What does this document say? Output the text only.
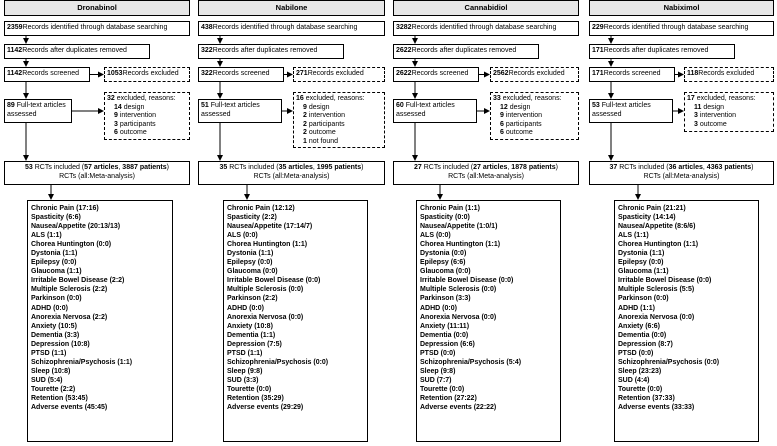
Dronabinol
2359 Records identified through database searching
1142 Records after duplicates removed
1142 Records screened	1053 Records excluded
89 Full-text articles
assessed
32 excluded, reasons:
14 design
9 intervention
3 participants
6 outcome
53 RCTs included (57 articles, 3887 patients)
RCTs (all:Meta-analysis)
Chronic Pain (17:16)
Spasticity (6:6)
Nausea/Appetite (20:13/13)
ALS (1:1)
Chorea Huntington (0:0)
Dystonia (1:1)
Epilepsy (0:0)
Glaucoma (1:1)
Irritable Bowel Disease (2:2)
Multiple Sclerosis (2:2)
Parkinson (0:0)
ADHD (0:0)
Anorexia Nervosa (2:2)
Anxiety (10:5)
Dementia (3:3)
Depression (10:8)
PTSD (1:1)
Schizophrenia/Psychosis (1:1)
Sleep (10:8)
SUD (5:4)
Tourette (2:2)
Retention (53:45)
Adverse events (45:45)
Nabilone
438 Records identified through database searching
322 Records after duplicates removed
322 Records screened	271 Records excluded
51 Full-text articles
assessed
16 excluded, reasons:
9 design
2 intervention
2 participants
2 outcome
1 not found
35 RCTs included (35 articles, 1995 patients)
RCTs (all:Meta-analysis)
Chronic Pain (12:12)
Spasticity (2:2)
Nausea/Appetite (17:14/7)
ALS (0:0)
Chorea Huntington (1:1)
Dystonia (1:1)
Epilepsy (0:0)
Glaucoma (0:0)
Irritable Bowel Disease (0:0)
Multiple Sclerosis (0:0)
Parkinson (2:2)
ADHD (0:0)
Anorexia Nervosa (0:0)
Anxiety (10:8)
Dementia (1:1)
Depression (7:5)
PTSD (1:1)
Schizophrenia/Psychosis (0:0)
Sleep (9:8)
SUD (3:3)
Tourette (0:0)
Retention (35:29)
Adverse events (29:29)
Cannabidiol
3282 Records identified through database searching
2622 Records after duplicates removed
2622 Records screened	2562 Records excluded
60 Full-text articles
assessed
33 excluded, reasons:
12 design
9 intervention
6 participants
6 outcome
27 RCTs included (27 articles, 1878 patients)
RCTs (all:Meta-analysis)
Chronic Pain (1:1)
Spasticity (0:0)
Nausea/Appetite (1:0/1)
ALS (0:0)
Chorea Huntington (1:1)
Dystonia (0:0)
Epilepsy (6:6)
Glaucoma (0:0)
Irritable Bowel Disease (0:0)
Multiple Sclerosis (0:0)
Parkinson (3:3)
ADHD (0:0)
Anorexia Nervosa (0:0)
Anxiety (11:11)
Dementia (0:0)
Depression (6:6)
PTSD (0:0)
Schizophrenia/Psychosis (5:4)
Sleep (9:8)
SUD (7:7)
Tourette (0:0)
Retention (27:22)
Adverse events (22:22)
Nabiximol
229 Records identified through database searching
171 Records after duplicates removed
171 Records screened	118 Records excluded
53 Full-text articles
assessed
17 excluded, reasons:
11 design
3 intervention
3 outcome
37 RCTs included (36 articles, 4363 patients)
RCTs (all:Meta-analysis)
Chronic Pain (21:21)
Spasticity (14:14)
Nausea/Appetite (8:6/6)
ALS (1:1)
Chorea Huntington (1:1)
Dystonia (1:1)
Epilepsy (0:0)
Glaucoma (1:1)
Irritable Bowel Disease (0:0)
Multiple Sclerosis (5:5)
Parkinson (0:0)
ADHD (1:1)
Anorexia Nervosa (0:0)
Anxiety (6:6)
Dementia (0:0)
Depression (8:7)
PTSD (0:0)
Schizophrenia/Psychosis (0:0)
Sleep (23:23)
SUD (4:4)
Tourette (0:0)
Retention (37:33)
Adverse events (33:33)
